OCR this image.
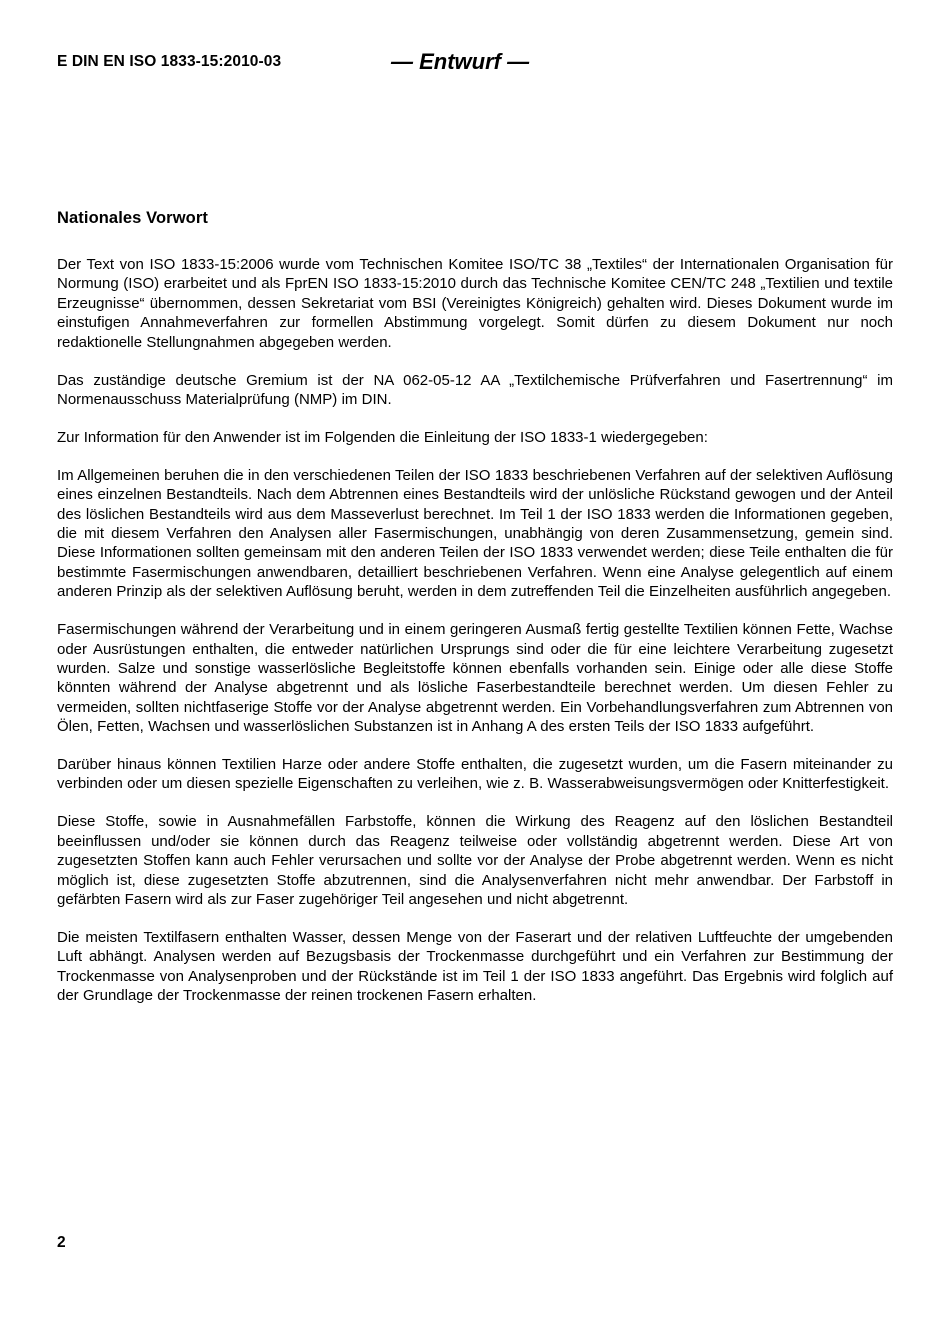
E DIN EN ISO 1833-15:2010-03	— Entwurf —
Nationales Vorwort

Der Text von ISO 1833-15:2006 wurde vom Technischen Komitee ISO/TC 38 „Textiles“ der Internationalen Organisation für Normung (ISO) erarbeitet und als FprEN ISO 1833-15:2010 durch das Technische Komitee CEN/TC 248 „Textilien und textile Erzeugnisse“ übernommen, dessen Sekretariat vom BSI (Vereinigtes Königreich) gehalten wird. Dieses Dokument wurde im einstufigen Annahmeverfahren zur formellen Abstimmung vorgelegt. Somit dürfen zu diesem Dokument nur noch redaktionelle Stellungnahmen abgegeben werden.

Das zuständige deutsche Gremium ist der NA 062-05-12 AA „Textilchemische Prüfverfahren und Fasertrennung“ im Normenausschuss Materialprüfung (NMP) im DIN.

Zur Information für den Anwender ist im Folgenden die Einleitung der ISO 1833-1 wiedergegeben:

Im Allgemeinen beruhen die in den verschiedenen Teilen der ISO 1833 beschriebenen Verfahren auf der selektiven Auflösung eines einzelnen Bestandteils. Nach dem Abtrennen eines Bestandteils wird der unlösliche Rückstand gewogen und der Anteil des löslichen Bestandteils wird aus dem Masseverlust berechnet. Im Teil 1 der ISO 1833 werden die Informationen gegeben, die mit diesem Verfahren den Analysen aller Fasermischungen, unabhängig von deren Zusammensetzung, gemein sind. Diese Informationen sollten gemeinsam mit den anderen Teilen der ISO 1833 verwendet werden; diese Teile enthalten die für bestimmte Fasermischungen anwendbaren, detailliert beschriebenen Verfahren. Wenn eine Analyse gelegentlich auf einem anderen Prinzip als der selektiven Auflösung beruht, werden in dem zutreffenden Teil die Einzelheiten ausführlich angegeben.

Fasermischungen während der Verarbeitung und in einem geringeren Ausmaß fertig gestellte Textilien können Fette, Wachse oder Ausrüstungen enthalten, die entweder natürlichen Ursprungs sind oder die für eine leichtere Verarbeitung zugesetzt wurden. Salze und sonstige wasserlösliche Begleitstoffe können ebenfalls vorhanden sein. Einige oder alle diese Stoffe könnten während der Analyse abgetrennt und als lösliche Faserbestandteile berechnet werden. Um diesen Fehler zu vermeiden, sollten nichtfaserige Stoffe vor der Analyse abgetrennt werden. Ein Vorbehandlungsverfahren zum Abtrennen von Ölen, Fetten, Wachsen und wasserlöslichen Substanzen ist in Anhang A des ersten Teils der ISO 1833 aufgeführt.

Darüber hinaus können Textilien Harze oder andere Stoffe enthalten, die zugesetzt wurden, um die Fasern miteinander zu verbinden oder um diesen spezielle Eigenschaften zu verleihen, wie z. B. Wasserabweisungsvermögen oder Knitterfestigkeit.

Diese Stoffe, sowie in Ausnahmefällen Farbstoffe, können die Wirkung des Reagenz auf den löslichen Bestandteil beeinflussen und/oder sie können durch das Reagenz teilweise oder vollständig abgetrennt werden. Diese Art von zugesetzten Stoffen kann auch Fehler verursachen und sollte vor der Analyse der Probe abgetrennt werden. Wenn es nicht möglich ist, diese zugesetzten Stoffe abzutrennen, sind die Analysenverfahren nicht mehr anwendbar. Der Farbstoff in gefärbten Fasern wird als zur Faser zugehöriger Teil angesehen und nicht abgetrennt.

Die meisten Textilfasern enthalten Wasser, dessen Menge von der Faserart und der relativen Luftfeuchte der umgebenden Luft abhängt. Analysen werden auf Bezugsbasis der Trockenmasse durchgeführt und ein Verfahren zur Bestimmung der Trockenmasse von Analysenproben und der Rückstände ist im Teil 1 der ISO 1833 angeführt. Das Ergebnis wird folglich auf der Grundlage der Trockenmasse der reinen trockenen Fasern erhalten.

2
